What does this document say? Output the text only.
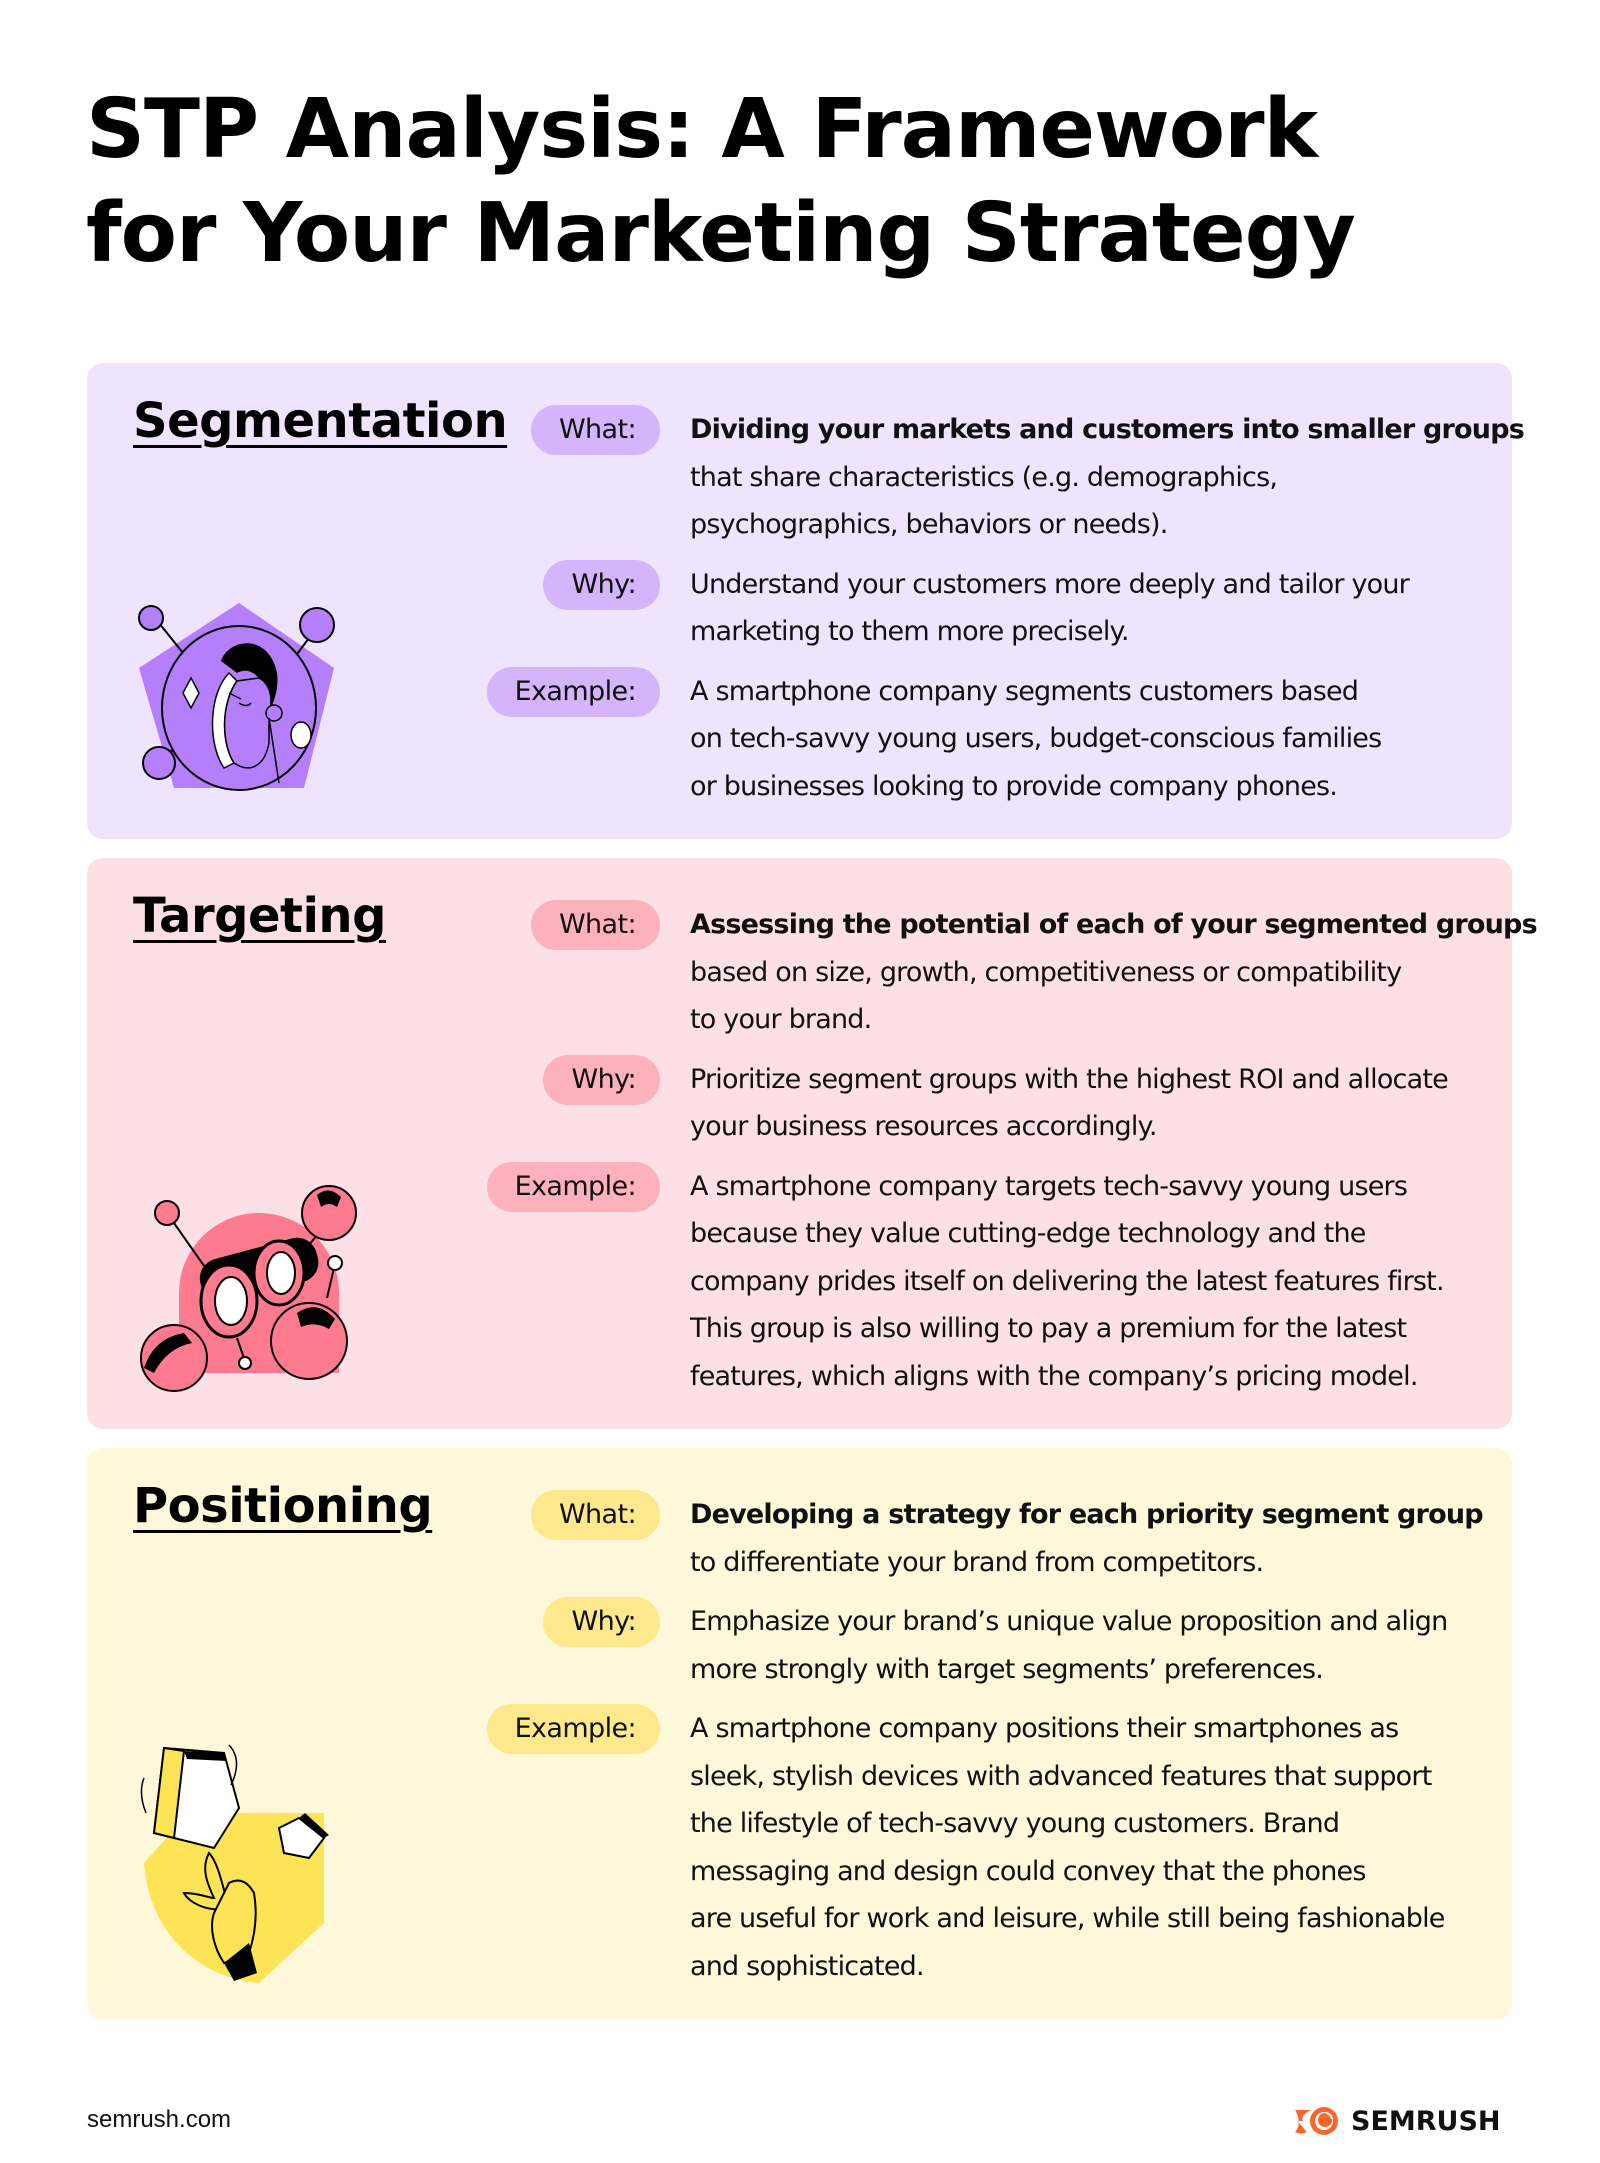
STP Analysis: A Framework
for Your Marketing Strategy
Segmentation	What:	Dividing your markets and customers into smaller groups
that share characteristics (e.g. demographics,
psychographics, behaviors or needs).
Why:	Understand your customers more deeply and tailor your
marketing to them more precisely.
Example:	A smartphone company segments customers based
on tech-savvy young users, budget-conscious families
or businesses looking to provide company phones.
Targeting	What:	Assessing the potential of each of your segmented groups
based on size, growth, competitiveness or compatibility
to your brand.
Why:	Prioritize segment groups with the highest ROI and allocate
your business resources accordingly.
Example:	A smartphone company targets tech-savvy young users
because they value cutting-edge technology and the
company prides itself on delivering the latest features first.
This group is also willing to pay a premium for the latest
features, which aligns with the company’s pricing model.
Positioning	What:	Developing a strategy for each priority segment group
to differentiate your brand from competitors.
Why:	Emphasize your brand’s unique value proposition and align
more strongly with target segments’ preferences.
Example:	A smartphone company positions their smartphones as
sleek, stylish devices with advanced features that support
the lifestyle of tech-savvy young customers. Brand
messaging and design could convey that the phones
are useful for work and leisure, while still being fashionable
and sophisticated.
semrush.com	SEMRUSH
